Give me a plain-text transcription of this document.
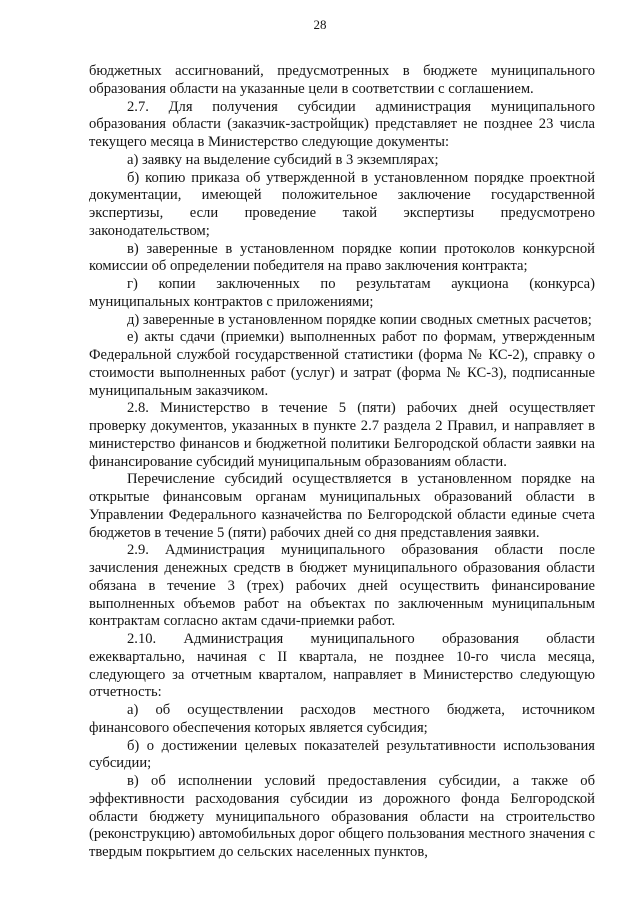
28

бюджетных ассигнований, предусмотренных в бюджете муниципального образования области на указанные цели в соответствии с соглашением.

2.7. Для получения субсидии администрация муниципального образования области (заказчик-застройщик) представляет не позднее 23 числа текущего месяца в Министерство следующие документы:

а) заявку на выделение субсидий в 3 экземплярах;

б) копию приказа об утвержденной в установленном порядке проектной документации, имеющей положительное заключение государственной экспертизы, если проведение такой экспертизы предусмотрено законодательством;

в) заверенные в установленном порядке копии протоколов конкурсной комиссии об определении победителя на право заключения контракта;

г) копии заключенных по результатам аукциона (конкурса) муниципальных контрактов с приложениями;

д) заверенные в установленном порядке копии сводных сметных расчетов;

е) акты сдачи (приемки) выполненных работ по формам, утвержденным Федеральной службой государственной статистики (форма № КС-2), справку о стоимости выполненных работ (услуг) и затрат (форма № КС-3), подписанные муниципальным заказчиком.

2.8. Министерство в течение 5 (пяти) рабочих дней осуществляет проверку документов, указанных в пункте 2.7 раздела 2 Правил, и направляет в министерство финансов и бюджетной политики Белгородской области заявки на финансирование субсидий муниципальным образованиям области.

Перечисление субсидий осуществляется в установленном порядке на открытые финансовым органам муниципальных образований области в Управлении Федерального казначейства по Белгородской области единые счета бюджетов в течение 5 (пяти) рабочих дней со дня представления заявки.

2.9. Администрация муниципального образования области после зачисления денежных средств в бюджет муниципального образования области обязана в течение 3 (трех) рабочих дней осуществить финансирование выполненных объемов работ на объектах по заключенным муниципальным контрактам согласно актам сдачи-приемки работ.

2.10. Администрация муниципального образования области ежеквартально, начиная с II квартала, не позднее 10-го числа месяца, следующего за отчетным кварталом, направляет в Министерство следующую отчетность:

а) об осуществлении расходов местного бюджета, источником финансового обеспечения которых является субсидия;

б) о достижении целевых показателей результативности использования субсидии;

в) об исполнении условий предоставления субсидии, а также об эффективности расходования субсидии из дорожного фонда Белгородской области бюджету муниципального образования области на строительство (реконструкцию) автомобильных дорог общего пользования местного значения с твердым покрытием до сельских населенных пунктов,
